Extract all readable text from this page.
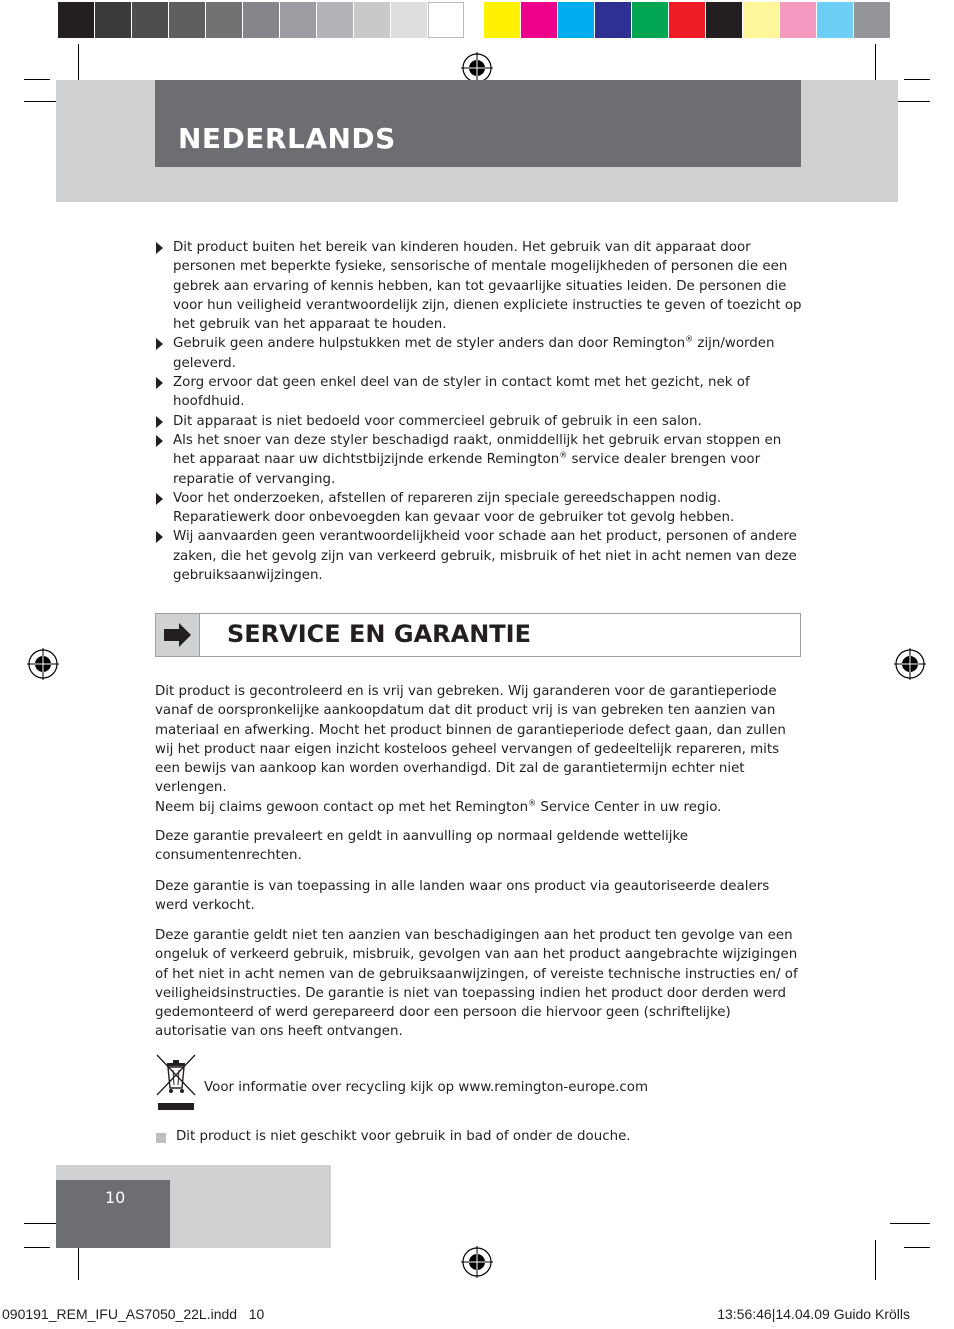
NEDERLANDS
Dit product buiten het bereik van kinderen houden. Het gebruik van dit apparaat door personen met beperkte fysieke, sensorische of mentale mogelijkheden of personen die een gebrek aan ervaring of kennis hebben, kan tot gevaarlijke situaties leiden. De personen die voor hun veiligheid verantwoordelijk zijn, dienen expliciete instructies te geven of toezicht op het gebruik van het apparaat te houden.
Gebruik geen andere hulpstukken met de styler anders dan door Remington® zijn/worden geleverd.
Zorg ervoor dat geen enkel deel van de styler in contact komt met het gezicht, nek of hoofdhuid.
Dit apparaat is niet bedoeld voor commercieel gebruik of gebruik in een salon.
Als het snoer van deze styler beschadigd raakt, onmiddellijk het gebruik ervan stoppen en het apparaat naar uw dichtstbijzijnde erkende Remington® service dealer brengen voor reparatie of vervanging.
Voor het onderzoeken, afstellen of repareren zijn speciale gereedschappen nodig. Reparatiewerk door onbevoegden kan gevaar voor de gebruiker tot gevolg hebben.
Wij aanvaarden geen verantwoordelijkheid voor schade aan het product, personen of andere zaken, die het gevolg zijn van verkeerd gebruik, misbruik of het niet in acht nemen van deze gebruiksaanwijzingen.
SERVICE EN GARANTIE

Dit product is gecontroleerd en is vrij van gebreken. Wij garanderen voor de garantieperiode vanaf de oorspronkelijke aankoopdatum dat dit product vrij is van gebreken ten aanzien van materiaal en afwerking. Mocht het product binnen de garantieperiode defect gaan, dan zullen wij het product naar eigen inzicht kosteloos geheel vervangen of gedeeltelijk repareren, mits een bewijs van aankoop kan worden overhandigd. Dit zal de garantietermijn echter niet verlengen.
Neem bij claims gewoon contact op met het Remington® Service Center in uw regio.

Deze garantie prevaleert en geldt in aanvulling op normaal geldende wettelijke consumentenrechten.

Deze garantie is van toepassing in alle landen waar ons product via geautoriseerde dealers werd verkocht.

Deze garantie geldt niet ten aanzien van beschadigingen aan het product ten gevolge van een ongeluk of verkeerd gebruik, misbruik, gevolgen van aan het product aangebrachte wijzigingen of het niet in acht nemen van de gebruiksaanwijzingen, of vereiste technische instructies en/ of veiligheidsinstructies. De garantie is niet van toepassing indien het product door derden werd gedemonteerd of werd gerepareerd door een persoon die hiervoor geen (schriftelijke) autorisatie van ons heeft ontvangen.

Voor informatie over recycling kijk op www.remington-europe.com
Dit product is niet geschikt voor gebruik in bad of onder de douche.
10
090191_REM_IFU_AS7050_22L.indd   10	13:56:46|14.04.09 Guido Krölls
